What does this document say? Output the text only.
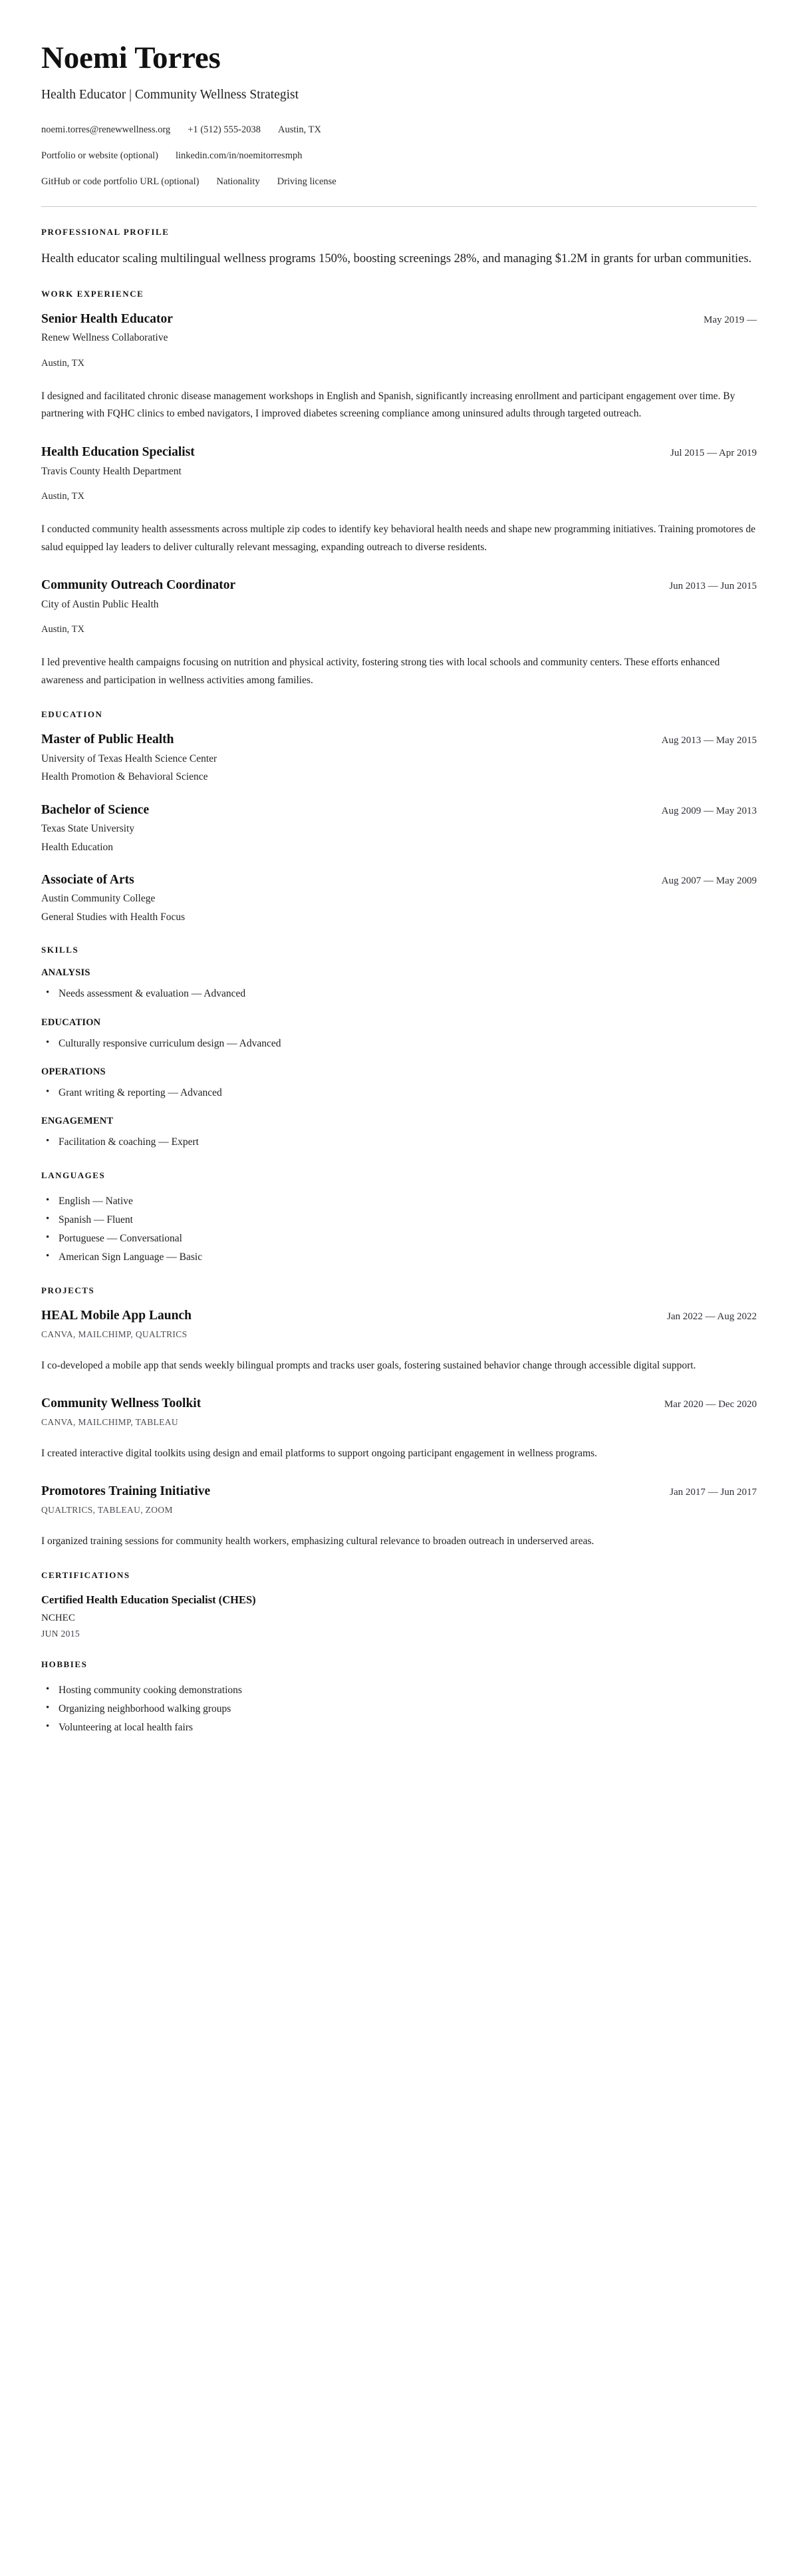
Noemi Torres
Health Educator | Community Wellness Strategist
noemi.torres@renewwellness.org +1 (512) 555-2038 Austin, TX
Portfolio or website (optional) linkedin.com/in/noemitorresmph
GitHub or code portfolio URL (optional) Nationality Driving license
PROFESSIONAL PROFILE

Health educator scaling multilingual wellness programs 150%, boosting screenings 28%, and managing $1.2M in grants for urban communities.

WORK EXPERIENCE
Senior Health Educator	May 2019 —
Renew Wellness Collaborative
Austin, TX

I designed and facilitated chronic disease management workshops in English and Spanish, significantly increasing enrollment and participant engagement over time. By partnering with FQHC clinics to embed navigators, I improved diabetes screening compliance among uninsured adults through targeted outreach.

Health Education Specialist	Jul 2015 — Apr 2019
Travis County Health Department
Austin, TX

I conducted community health assessments across multiple zip codes to identify key behavioral health needs and shape new programming initiatives. Training promotores de salud equipped lay leaders to deliver culturally relevant messaging, expanding outreach to diverse residents.

Community Outreach Coordinator	Jun 2013 — Jun 2015
City of Austin Public Health
Austin, TX

I led preventive health campaigns focusing on nutrition and physical activity, fostering strong ties with local schools and community centers. These efforts enhanced awareness and participation in wellness activities among families.

EDUCATION
Master of Public Health	Aug 2013 — May 2015
University of Texas Health Science Center
Health Promotion & Behavioral Science
Bachelor of Science	Aug 2009 — May 2013
Texas State University
Health Education
Associate of Arts	Aug 2007 — May 2009
Austin Community College
General Studies with Health Focus
SKILLS
ANALYSIS
• Needs assessment & evaluation — Advanced
EDUCATION
• Culturally responsive curriculum design — Advanced
OPERATIONS
• Grant writing & reporting — Advanced
ENGAGEMENT
• Facilitation & coaching — Expert
LANGUAGES
• English — Native
• Spanish — Fluent
• Portuguese — Conversational
• American Sign Language — Basic
PROJECTS
HEAL Mobile App Launch	Jan 2022 — Aug 2022
CANVA, MAILCHIMP, QUALTRICS

I co-developed a mobile app that sends weekly bilingual prompts and tracks user goals, fostering sustained behavior change through accessible digital support.

Community Wellness Toolkit	Mar 2020 — Dec 2020
CANVA, MAILCHIMP, TABLEAU

I created interactive digital toolkits using design and email platforms to support ongoing participant engagement in wellness programs.

Promotores Training Initiative	Jan 2017 — Jun 2017
QUALTRICS, TABLEAU, ZOOM

I organized training sessions for community health workers, emphasizing cultural relevance to broaden outreach in underserved areas.

CERTIFICATIONS
Certified Health Education Specialist (CHES)
NCHEC
JUN 2015
HOBBIES
• Hosting community cooking demonstrations
• Organizing neighborhood walking groups
• Volunteering at local health fairs
